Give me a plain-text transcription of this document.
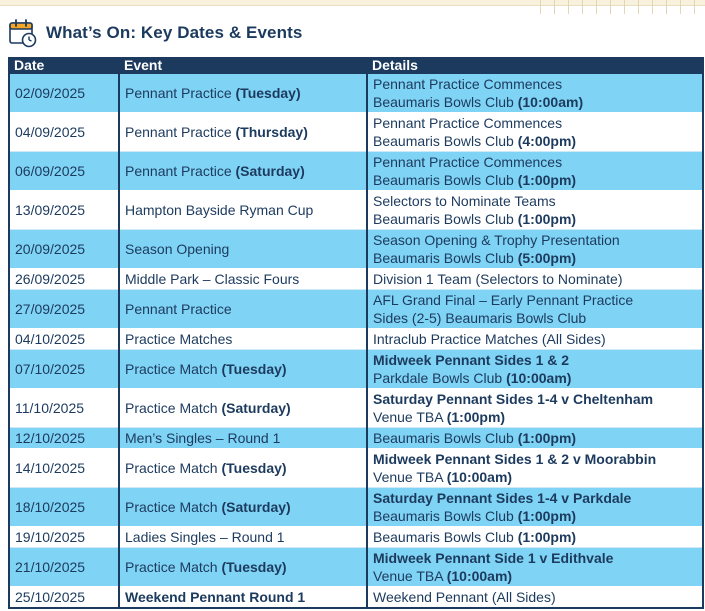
What’s On: Key Dates & Events
Date	Event	Details
02/09/2025	Pennant Practice (Tuesday)	Pennant Practice Commences
Beaumaris Bowls Club (10:00am)

04/09/2025	Pennant Practice (Thursday)	Pennant Practice Commences
Beaumaris Bowls Club (4:00pm)

06/09/2025	Pennant Practice (Saturday)	Pennant Practice Commences
Beaumaris Bowls Club (1:00pm)

13/09/2025	Hampton Bayside Ryman Cup	Selectors to Nominate Teams
Beaumaris Bowls Club (1:00pm)

20/09/2025	Season Opening	Season Opening & Trophy Presentation
Beaumaris Bowls Club (5:00pm)

26/09/2025	Middle Park – Classic Fours	Division 1 Team (Selectors to Nominate)

27/09/2025	Pennant Practice	AFL Grand Final – Early Pennant Practice
Sides (2-5) Beaumaris Bowls Club

04/10/2025	Practice Matches	Intraclub Practice Matches (All Sides)

07/10/2025	Practice Match (Tuesday)	Midweek Pennant Sides 1 & 2
Parkdale Bowls Club (10:00am)

11/10/2025	Practice Match (Saturday)	Saturday Pennant Sides 1-4 v Cheltenham
Venue TBA (1:00pm)

12/10/2025	Men’s Singles – Round 1	Beaumaris Bowls Club (1:00pm)

14/10/2025	Practice Match (Tuesday)	Midweek Pennant Sides 1 & 2 v Moorabbin
Venue TBA (10:00am)

18/10/2025	Practice Match (Saturday)	Saturday Pennant Sides 1-4 v Parkdale
Beaumaris Bowls Club (1:00pm)

19/10/2025	Ladies Singles – Round 1	Beaumaris Bowls Club (1:00pm)

21/10/2025	Practice Match (Tuesday)	Midweek Pennant Side 1 v Edithvale
Venue TBA (10:00am)

25/10/2025	Weekend Pennant Round 1	Weekend Pennant (All Sides)
